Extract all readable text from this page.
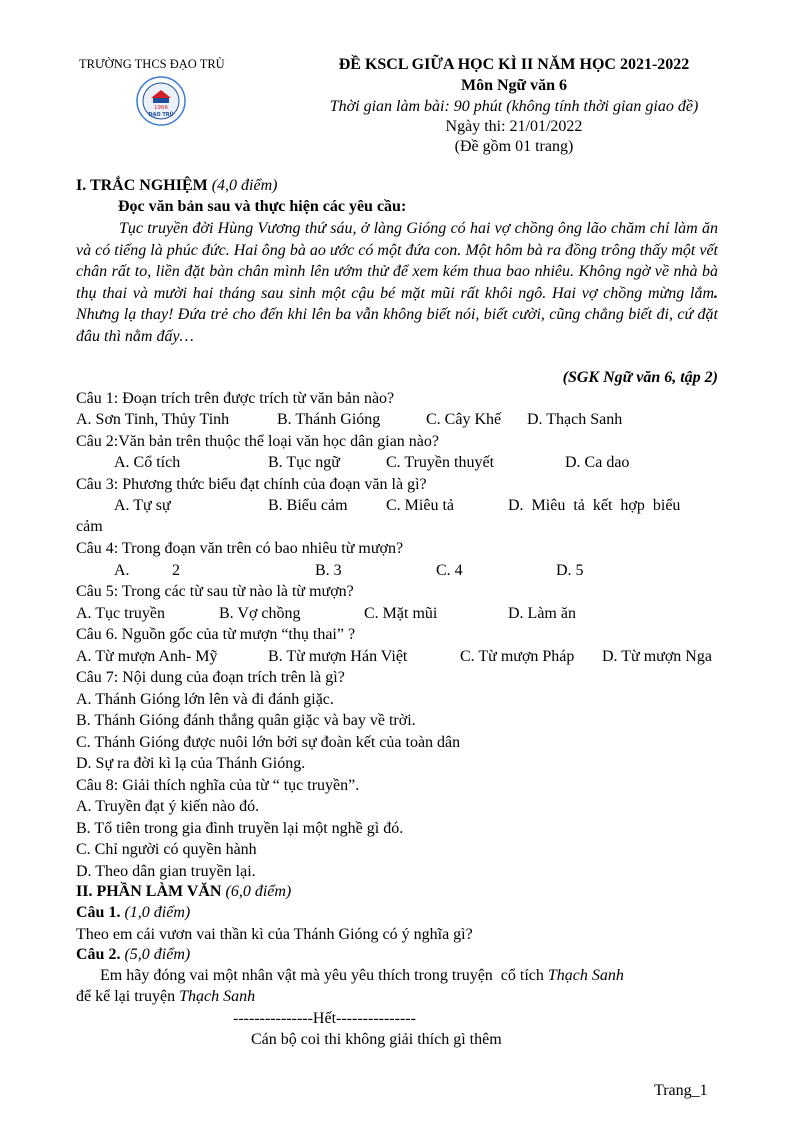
TRƯỜNG THCS ĐẠO TRÙ
1966
ĐẠO TRÙ
ĐỀ KSCL GIỮA HỌC KÌ II NĂM HỌC 2021-2022
Môn Ngữ văn 6
Thời gian làm bài: 90 phút (không tính thời gian giao đề)
Ngày thi: 21/01/2022
(Đề gồm 01 trang)
I. TRẮC NGHIỆM (4,0 điểm)
Đọc văn bản sau và thực hiện các yêu cầu:
Tục truyền đời Hùng Vương thứ sáu, ở làng Gióng có hai vợ chồng ông lão chăm chỉ làm ăn và có tiếng là phúc đức. Hai ông bà ao ước có một đứa con. Một hôm bà ra đồng trông thấy một vết chân rất to, liền đặt bàn chân mình lên ướm thử để xem kém thua bao nhiêu. Không ngờ về nhà bà thụ thai và mười hai tháng sau sinh một cậu bé mặt mũi rất khôi ngô. Hai vợ chồng mừng lắm. Nhưng lạ thay! Đứa trẻ cho đến khi lên ba vẫn không biết nói, biết cười, cũng chẳng biết đi, cứ đặt đâu thì nằm đấy…
(SGK Ngữ văn 6, tập 2)
Câu 1: Đoạn trích trên được trích từ văn bản nào?
A. Sơn Tinh, Thủy Tinh	B. Thánh Gióng	C. Cây Khế D. Thạch Sanh
Câu 2:Văn bản trên thuộc thể loại văn học dân gian nào?
A. Cổ tích	B. Tục ngữ	C. Truyền thuyết	D. Ca dao
Câu 3: Phương thức biểu đạt chính của đoạn văn là gì?
A. Tự sự	B. Biểu cảm C. Miêu tả	D.  Miêu  tả  kết  hợp  biểu
cảm
Câu 4: Trong đoạn văn trên có bao nhiêu từ mượn?
A.	2	B. 3	C. 4	D. 5
Câu 5: Trong các từ sau từ nào là từ mượn?
A. Tục truyền	B. Vợ chồng	C. Mặt mũi	D. Làm ăn
Câu 6. Nguồn gốc của từ mượn “thụ thai” ?
A. Từ mượn Anh- Mỹ	B. Từ mượn Hán Việt	C. Từ mượn Pháp D. Từ mượn Nga
Câu 7: Nội dung của đoạn trích trên là gì?
A. Thánh Gióng lớn lên và đi đánh giặc.
B. Thánh Gióng đánh thắng quân giặc và bay về trời.
C. Thánh Gióng được nuôi lớn bởi sự đoàn kết của toàn dân
D. Sự ra đời kì lạ của Thánh Gióng.
Câu 8: Giải thích nghĩa của từ “ tục truyền”.
A. Truyền đạt ý kiến nào đó.
B. Tổ tiên trong gia đình truyền lại một nghề gì đó.
C. Chỉ người có quyền hành
D. Theo dân gian truyền lại.
II. PHẦN LÀM VĂN (6,0 điểm)
Câu 1. (1,0 điểm)
Theo em cái vươn vai thần kì của Thánh Gióng có ý nghĩa gì?
Câu 2. (5,0 điểm)
Em hãy đóng vai một nhân vật mà yêu yêu thích trong truyện  cổ tích Thạch Sanh
để kể lại truyện Thạch Sanh
---------------Hết---------------
Cán bộ coi thi không giải thích gì thêm
Trang_1
